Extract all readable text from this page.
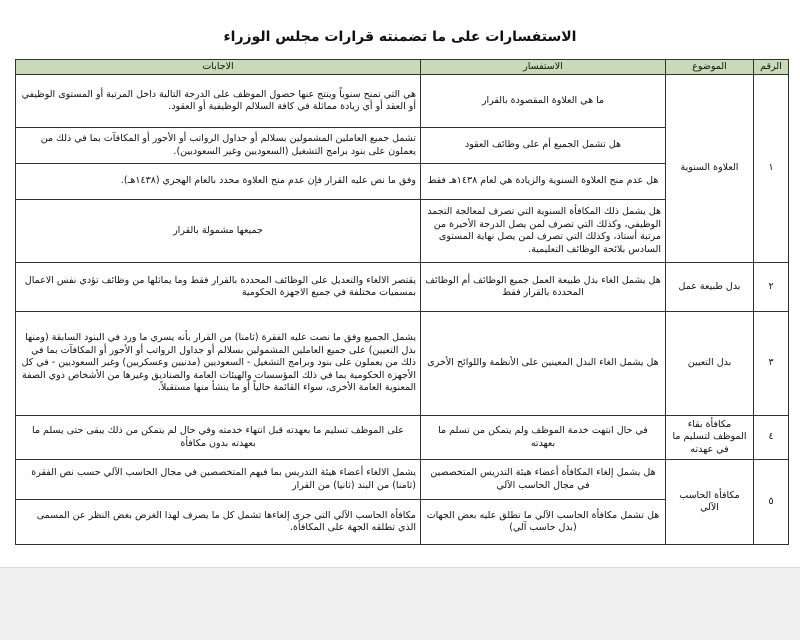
الاستفسارات على ما تضمنته قرارات مجلس الوزراء
الرقم	الموضوع	الاستفسار	الاجابات
١	العلاوة السنوية	ما هي العلاوة المقصودة بالقرار	هي التي تمنح سنوياً وينتج عنها حصول الموظف على الدرجة التالية داخل المرتبة أو المستوى الوظيفي أو العقد أو أي زيادة مماثلة في كافة السلالم الوظيفية أو العقود.
		هل تشمل الجميع أم على وظائف العقود	تشمل جميع العاملين المشمولين بسلالم أو جداول الرواتب أو الأجور أو المكافآت بما في ذلك من يعملون على بنود برامج التشغيل (السعوديين وغير السعوديين).
		هل عدم منح العلاوة السنوية والزيادة هي لعام ١٤٣٨هـ فقط	وفق ما نص عليه القرار فإن عدم منح العلاوة محدد بالعام الهجري (١٤٣٨هـ).
		هل يشمل ذلك المكافأة السنوية التي تصرف لمعالجة التجمد الوظيفي، وكذلك التي تصرف لمن يصل الدرجة الأخيرة من مرتبة أستاذ، وكذلك التي تصرف لمن يصل نهاية المستوى السادس بلائحة الوظائف التعليمية.	جميعها مشمولة بالقرار
٢	بدل طبيعة عمل	هل يشمل الغاء بدل طبيعة العمل جميع الوظائف أم الوظائف المحددة بالقرار فقط	يقتصر الالغاء والتعديل على الوظائف المحددة بالقرار فقط وما يماثلها من وظائف تؤدي نفس الاعمال بمسميات مختلفة في جميع الاجهزة الحكومية
٣	بدل التعيين	هل يشمل الغاء البدل المعينين على الأنظمة واللوائح الأخرى	يشمل الجميع وفق ما نصت عليه الفقرة (ثامنا) من القرار بأنه يسري ما ورد في البنود السابقة (ومنها بدل التعيين) على جميع العاملين المشمولين بسلالم أو جداول الرواتب أو الأجور أو المكافآت بما في ذلك من يعملون على بنود وبرامج التشغيل - السعوديين (مدنيين وعسكريين) وغير السعوديين - في كل الأجهزة الحكومية بما في ذلك المؤسسات والهيئات العامة والصناديق وغيرها من الأشخاص ذوي الصفة المعنوية العامة الأخرى، سواء القائمة حالياً أو ما ينشأ منها مستقبلاً.
٤	مكافأة بقاء الموظف لتسليم ما في عهدته	في حال انتهت خدمة الموظف ولم يتمكن من تسلم ما بعهدته	على الموظف تسليم ما بعهدته قبل انتهاء خدمته وفي حال لم يتمكن من ذلك يبقى حتى يسلم ما بعهدته بدون مكافأة
٥	مكافأة الحاسب الآلي	هل يشمل إلغاء المكافأة أعضاء هيئة التدريس المتخصصين في مجال الحاسب الآلي	يشمل الالغاء أعضاء هيئة التدريس بما فيهم المتخصصين في مجال الحاسب الآلي حسب نص الفقرة (ثامنا) من البند (ثانيا) من القرار
		هل تشمل مكافأة الحاسب الآلي ما تطلق عليه بعض الجهات (بدل حاسب آلي)	مكافأة الحاسب الآلي التي جرى إلغاءها تشمل كل ما يصرف لهذا الغرض بغض النظر عن المسمى الذي تطلقه الجهة على المكافأة.
